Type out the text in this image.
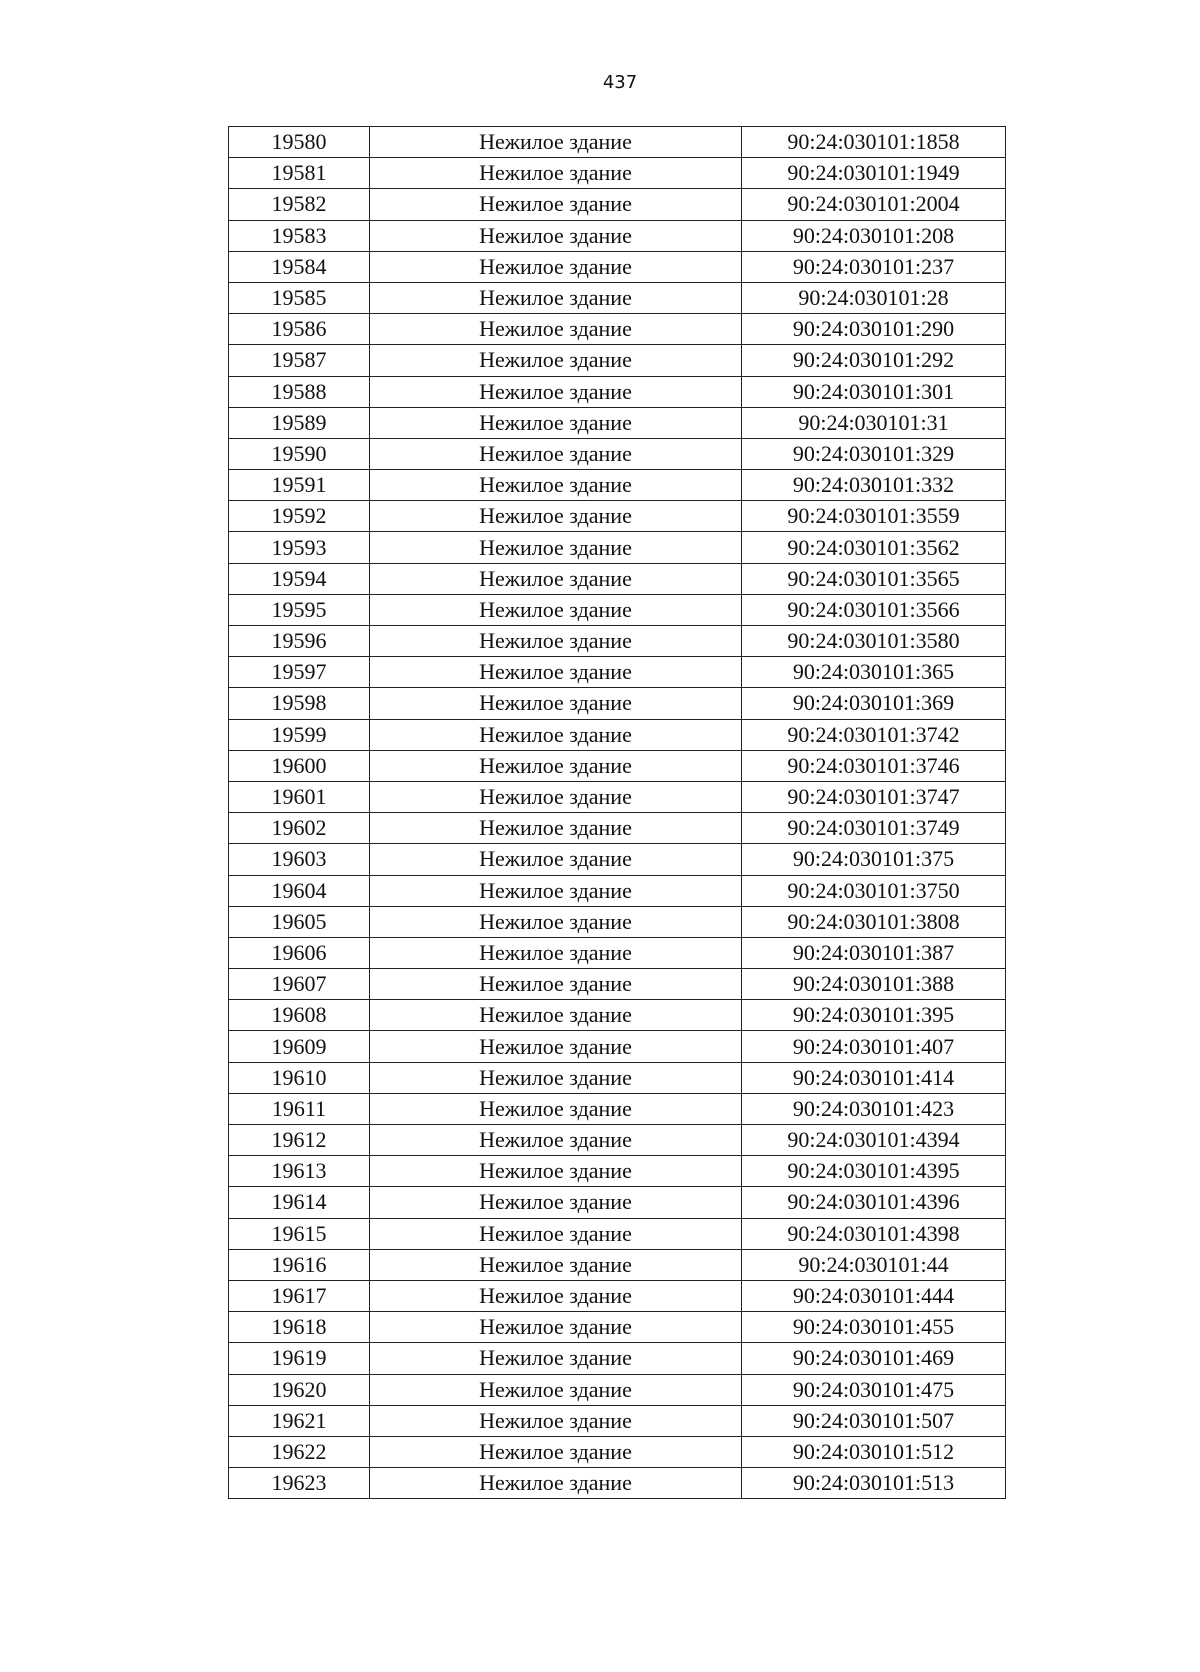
437
19580	Нежилое здание	90:24:030101:1858
19581	Нежилое здание	90:24:030101:1949
19582	Нежилое здание	90:24:030101:2004
19583	Нежилое здание	90:24:030101:208
19584	Нежилое здание	90:24:030101:237
19585	Нежилое здание	90:24:030101:28
19586	Нежилое здание	90:24:030101:290
19587	Нежилое здание	90:24:030101:292
19588	Нежилое здание	90:24:030101:301
19589	Нежилое здание	90:24:030101:31
19590	Нежилое здание	90:24:030101:329
19591	Нежилое здание	90:24:030101:332
19592	Нежилое здание	90:24:030101:3559
19593	Нежилое здание	90:24:030101:3562
19594	Нежилое здание	90:24:030101:3565
19595	Нежилое здание	90:24:030101:3566
19596	Нежилое здание	90:24:030101:3580
19597	Нежилое здание	90:24:030101:365
19598	Нежилое здание	90:24:030101:369
19599	Нежилое здание	90:24:030101:3742
19600	Нежилое здание	90:24:030101:3746
19601	Нежилое здание	90:24:030101:3747
19602	Нежилое здание	90:24:030101:3749
19603	Нежилое здание	90:24:030101:375
19604	Нежилое здание	90:24:030101:3750
19605	Нежилое здание	90:24:030101:3808
19606	Нежилое здание	90:24:030101:387
19607	Нежилое здание	90:24:030101:388
19608	Нежилое здание	90:24:030101:395
19609	Нежилое здание	90:24:030101:407
19610	Нежилое здание	90:24:030101:414
19611	Нежилое здание	90:24:030101:423
19612	Нежилое здание	90:24:030101:4394
19613	Нежилое здание	90:24:030101:4395
19614	Нежилое здание	90:24:030101:4396
19615	Нежилое здание	90:24:030101:4398
19616	Нежилое здание	90:24:030101:44
19617	Нежилое здание	90:24:030101:444
19618	Нежилое здание	90:24:030101:455
19619	Нежилое здание	90:24:030101:469
19620	Нежилое здание	90:24:030101:475
19621	Нежилое здание	90:24:030101:507
19622	Нежилое здание	90:24:030101:512
19623	Нежилое здание	90:24:030101:513
